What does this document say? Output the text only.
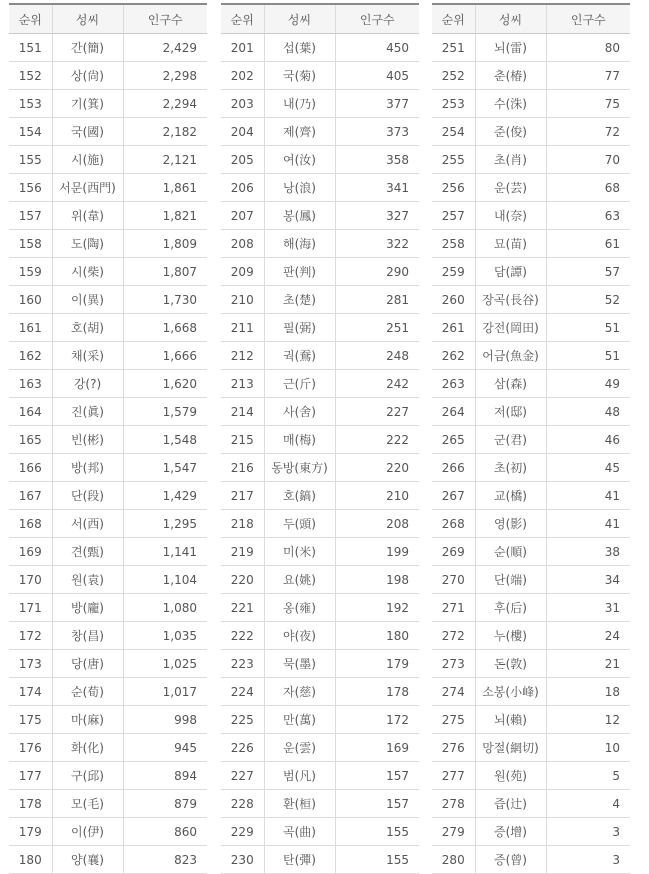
순위	성씨	인구수
151	간(簡)	2,429
152	상(尙)	2,298
153	기(箕)	2,294
154	국(國)	2,182
155	시(施)	2,121
156	서문(西門)	1,861
157	위(韋)	1,821
158	도(陶)	1,809
159	시(柴)	1,807
160	이(異)	1,730
161	호(胡)	1,668
162	채(采)	1,666
163	강(?)	1,620
164	진(眞)	1,579
165	빈(彬)	1,548
166	방(邦)	1,547
167	단(段)	1,429
168	서(西)	1,295
169	견(甄)	1,141
170	원(袁)	1,104
171	방(龐)	1,080
172	창(昌)	1,035
173	당(唐)	1,025
174	순(荀)	1,017
175	마(麻)	998
176	화(化)	945
177	구(邱)	894
178	모(毛)	879
179	이(伊)	860
180	양(襄)	823
순위	성씨	인구수
201	섭(葉)	450
202	국(菊)	405
203	내(乃)	377
204	제(齊)	373
205	여(汝)	358
206	낭(浪)	341
207	봉(鳳)	327
208	해(海)	322
209	판(判)	290
210	초(楚)	281
211	필(弼)	251
212	궉(鴌)	248
213	근(斤)	242
214	사(舍)	227
215	매(梅)	222
216	동방(東方)	220
217	호(鎬)	210
218	두(頭)	208
219	미(米)	199
220	요(姚)	198
221	옹(雍)	192
222	야(夜)	180
223	묵(墨)	179
224	자(慈)	178
225	만(萬)	172
226	운(雲)	169
227	범(凡)	157
228	환(桓)	157
229	곡(曲)	155
230	탄(彈)	155
순위	성씨	인구수
251	뇌(雷)	80
252	춘(椿)	77
253	수(洙)	75
254	준(俊)	72
255	초(肖)	70
256	운(芸)	68
257	내(奈)	63
258	묘(苗)	61
259	담(譚)	57
260	장곡(長谷)	52
261	강전(岡田)	51
262	어금(魚金)	51
263	삼(森)	49
264	저(邸)	48
265	군(君)	46
266	초(初)	45
267	교(橋)	41
268	영(影)	41
269	순(順)	38
270	단(端)	34
271	후(后)	31
272	누(樓)	24
273	돈(敦)	21
274	소봉(小峰)	18
275	뇌(賴)	12
276	망절(網切)	10
277	원(苑)	5
278	즙(辻)	4
279	증(增)	3
280	증(曾)	3
